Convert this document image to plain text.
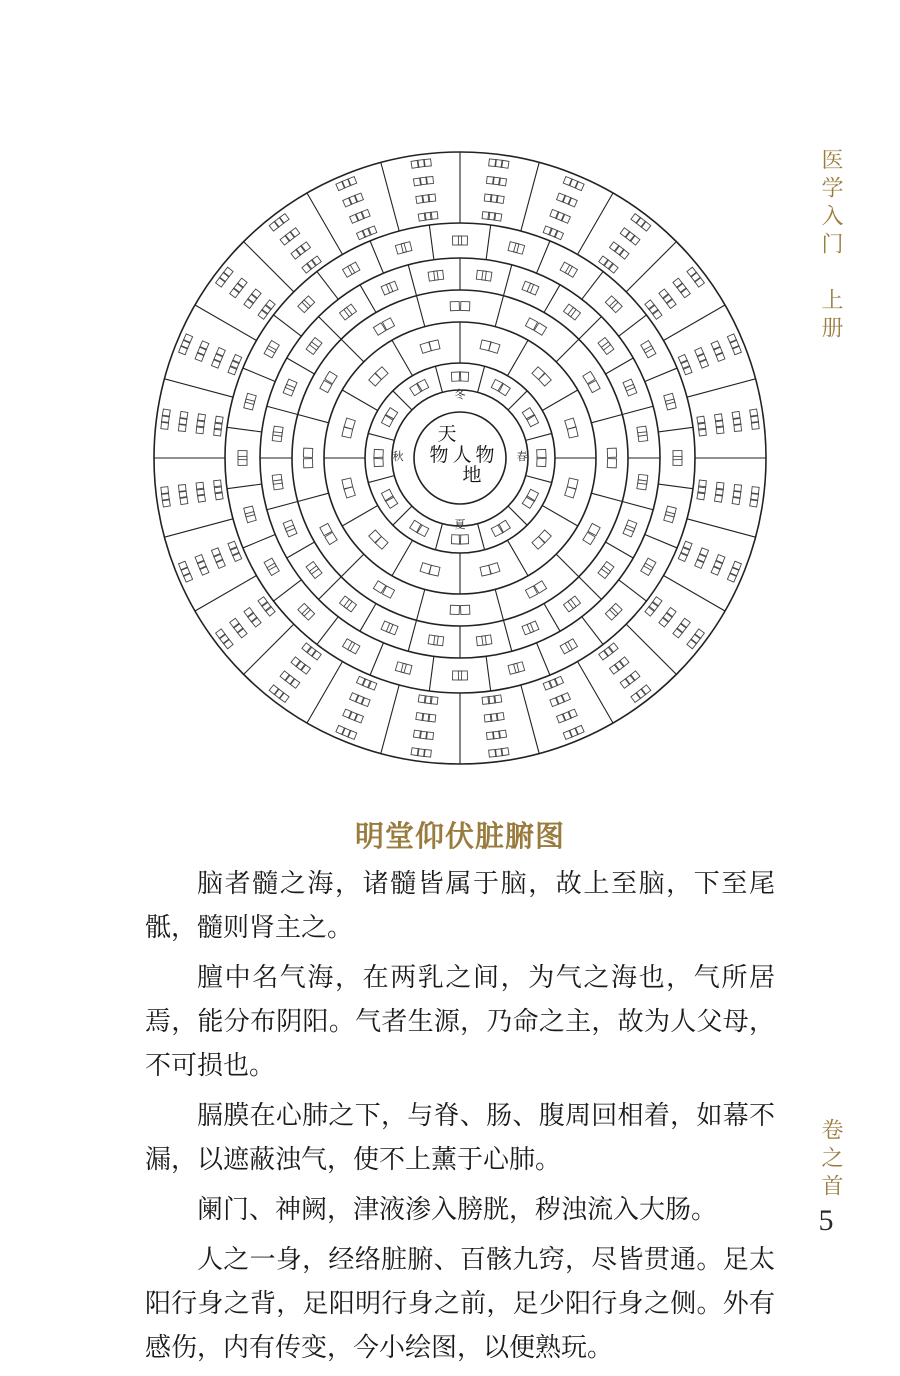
天
人
物 物
地
秋
冬
春
夏
医学入门上册
卷之首
5
明堂仰伏脏腑图

脑者髓之海，诸髓皆属于脑，故上至脑，下至尾骶，髓则肾主之。

膻中名气海，在两乳之间，为气之海也，气所居焉，能分布阴阳。气者生源，乃命之主，故为人父母，不可损也。

膈膜在心肺之下，与脊、肠、腹周回相着，如幕不漏，以遮蔽浊气，使不上薰于心肺。

阑门、神阙，津液渗入膀胱，秽浊流入大肠。

人之一身，经络脏腑、百骸九窍，尽皆贯通。足太阳行身之背，足阳明行身之前，足少阳行身之侧。外有感伤，内有传变，今小绘图，以便熟玩。
